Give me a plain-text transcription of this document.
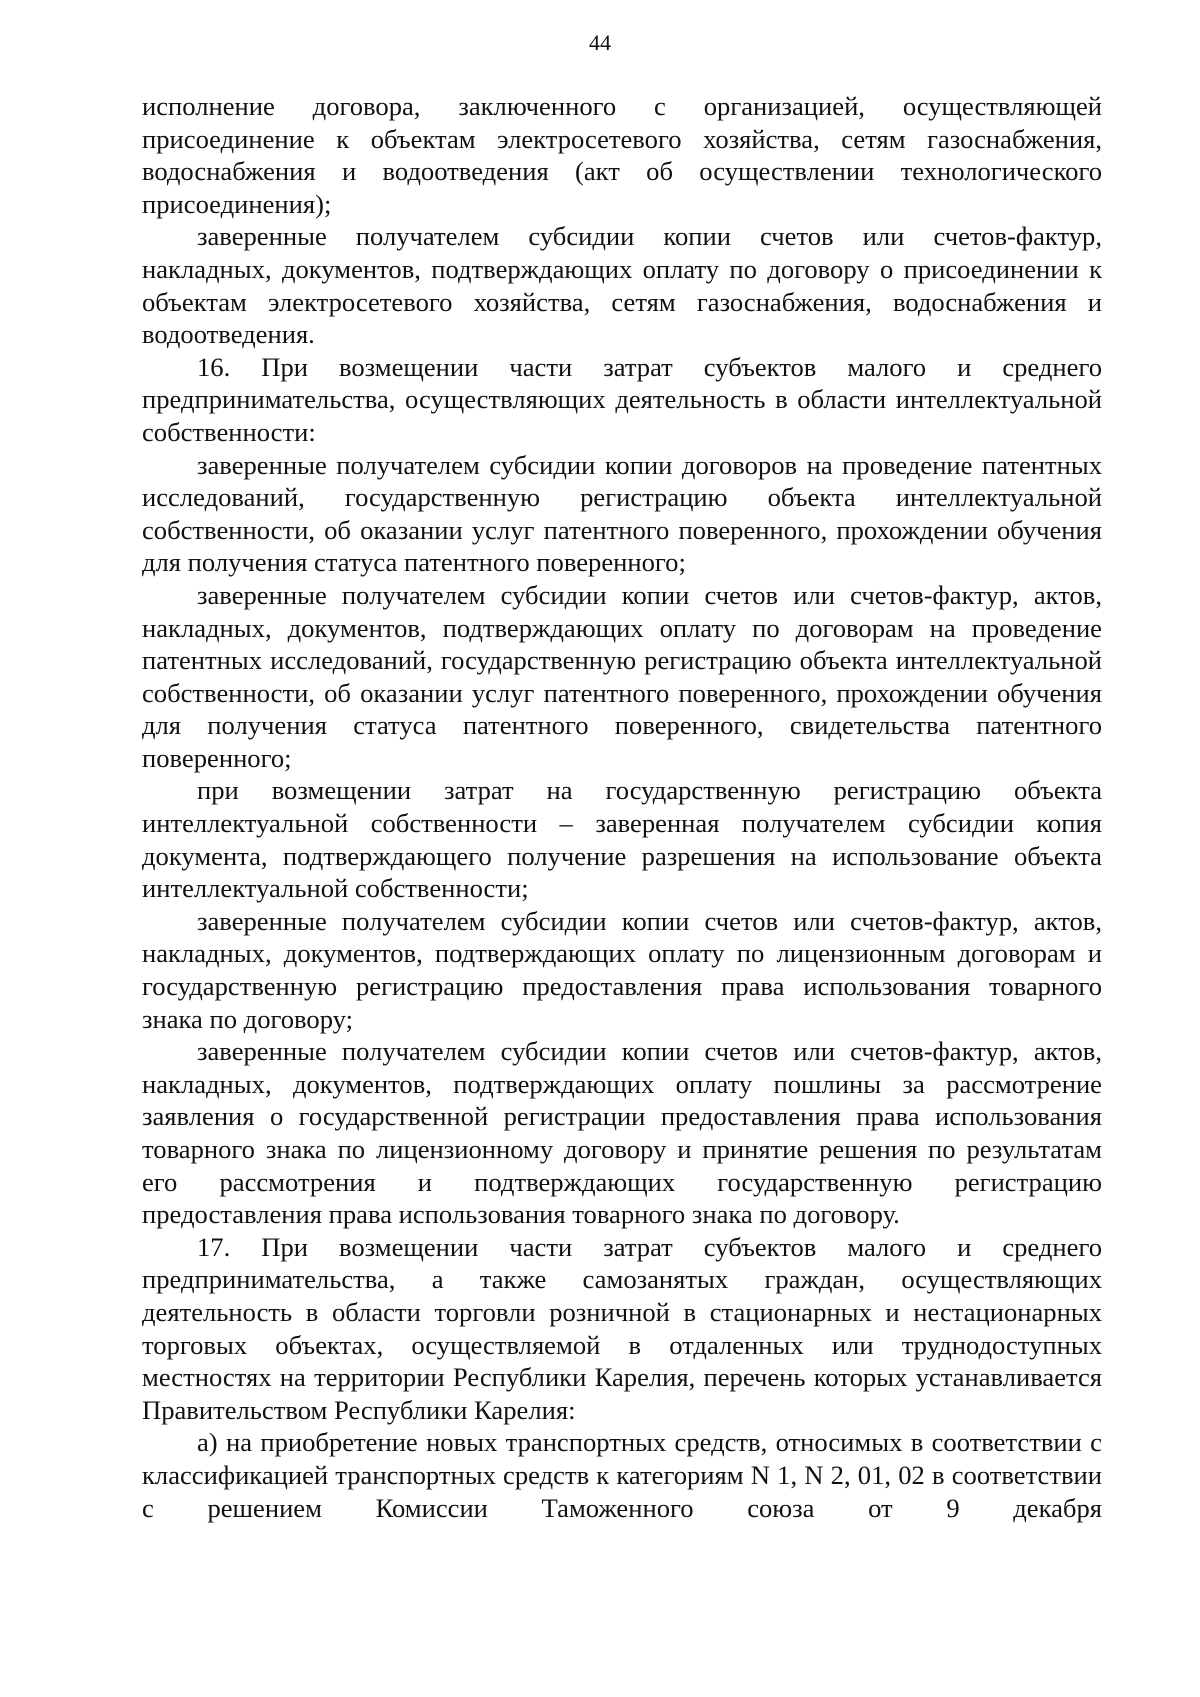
44

исполнение договора, заключенного с организацией, осуществляющей присоединение к объектам электросетевого хозяйства, сетям газоснабжения, водоснабжения и водоотведения (акт об осуществлении технологического присоединения);

заверенные получателем субсидии копии счетов или счетов-фактур, накладных, документов, подтверждающих оплату по договору о присоединении к объектам электросетевого хозяйства, сетям газоснабжения, водоснабжения и водоотведения.

16. При возмещении части затрат субъектов малого и среднего предпринимательства, осуществляющих деятельность в области интеллектуальной собственности:

заверенные получателем субсидии копии договоров на проведение патентных исследований, государственную регистрацию объекта интеллектуальной собственности, об оказании услуг патентного поверенного, прохождении обучения для получения статуса патентного поверенного;

заверенные получателем субсидии копии счетов или счетов-фактур, актов, накладных, документов, подтверждающих оплату по договорам на проведение патентных исследований, государственную регистрацию объекта интеллектуальной собственности, об оказании услуг патентного поверенного, прохождении обучения для получения статуса патентного поверенного, свидетельства патентного поверенного;

при возмещении затрат на государственную регистрацию объекта интеллектуальной собственности – заверенная получателем субсидии копия документа, подтверждающего получение разрешения на использование объекта интеллектуальной собственности;

заверенные получателем субсидии копии счетов или счетов-фактур, актов, накладных, документов, подтверждающих оплату по лицензионным договорам и государственную регистрацию предоставления права использования товарного знака по договору;

заверенные получателем субсидии копии счетов или счетов-фактур, актов, накладных, документов, подтверждающих оплату пошлины за рассмотрение заявления о государственной регистрации предоставления права использования товарного знака по лицензионному договору и принятие решения по результатам его рассмотрения и подтверждающих государственную регистрацию предоставления права использования товарного знака по договору.

17. При возмещении части затрат субъектов малого и среднего предпринимательства, а также самозанятых граждан, осуществляющих деятельность в области торговли розничной в стационарных и нестационарных торговых объектах, осуществляемой в отдаленных или труднодоступных местностях на территории Республики Карелия, перечень которых устанавливается Правительством Республики Карелия:

а) на приобретение новых транспортных средств, относимых в соответствии с классификацией транспортных средств к категориям N 1, N 2, 01, 02 в соответствии с решением Комиссии Таможенного союза от 9 декабря
